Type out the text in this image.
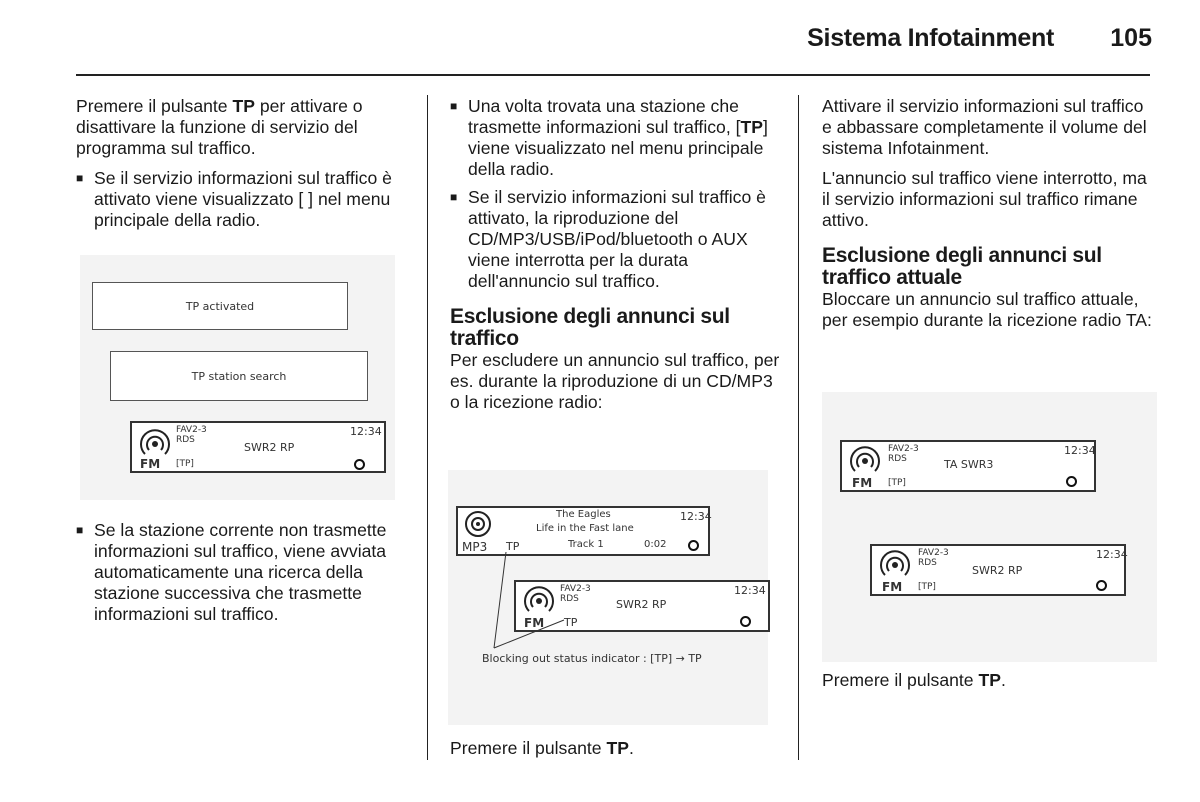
Sistema Infotainment 105

Premere il pulsante TP per attivare o disattivare la funzione di servizio del programma sul traffico.

■ Se il servizio informazioni sul traffico è attivato viene visualizzato [ ] nel menu principale della radio.
TP activated
TP station search
FM
FAV2-3
RDS
SWR2 RP
12:34
[TP]
■ Se la stazione corrente non trasmette informazioni sul traffico, viene avviata automaticamente una ricerca della stazione successiva che trasmette informazioni sul traffico.
■ Una volta trovata una stazione che trasmette informazioni sul traffico, [TP] viene visualizzato nel menu principale della radio.
■ Se il servizio informazioni sul traffico è attivato, la riproduzione del CD/MP3/USB/iPod/bluetooth o AUX viene interrotta per la durata dell'annuncio sul traffico.
Esclusione degli annunci sul traffico

Per escludere un annuncio sul traffico, per es. durante la riproduzione di un CD/MP3 o la ricezione radio:

MP3 TP
The Eagles
Life in the Fast lane
Track 1	0:02
12:34
FM
FAV2-3
RDS	SWR2 RP
12:34
TP
Blocking out status indicator : [TP] → TP

Premere il pulsante TP.

Attivare il servizio informazioni sul traffico e abbassare completamente il volume del sistema Infotainment.

L'annuncio sul traffico viene interrotto, ma il servizio informazioni sul traffico rimane attivo.

Esclusione degli annunci sul traffico attuale

Bloccare un annuncio sul traffico attuale, per esempio durante la ricezione radio TA:

FM
FAV2-3
RDS	TA SWR3
12:34
[TP]
FM
FAV2-3
RDS
SWR2 RP
12:34
[TP]

Premere il pulsante TP.
